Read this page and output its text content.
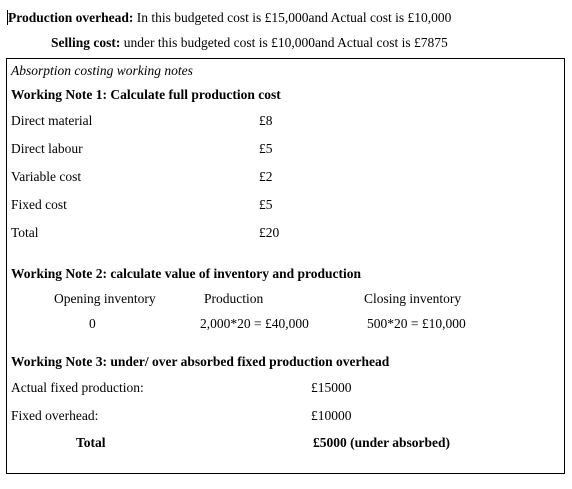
Production overhead: In this budgeted cost is £15,000and Actual cost is £10,000
Selling cost: under this budgeted cost is £10,000and Actual cost is £7875
Absorption costing working notes
Working Note 1: Calculate full production cost
Direct material	£8
Direct labour	£5
Variable cost	£2
Fixed cost	£5
Total	£20
Working Note 2: calculate value of inventory and production
Opening inventory	Production	Closing inventory
0	2,000*20 = £40,000	500*20 = £10,000
Working Note 3: under/ over absorbed fixed production overhead
Actual fixed production:	£15000
Fixed overhead:	£10000
Total	£5000 (under absorbed)
